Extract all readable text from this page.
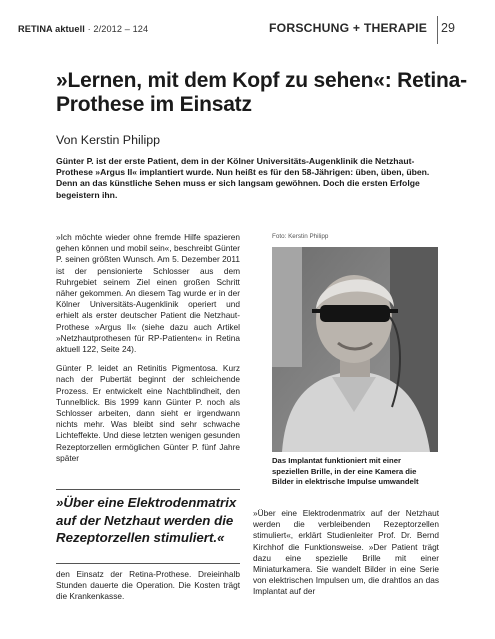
RETINA aktuell · 2/2012 – 124	FORSCHUNG + THERAPIE 29
»Lernen, mit dem Kopf zu sehen«: Retina-Prothese im Einsatz
Von Kerstin Philipp
Günter P. ist der erste Patient, dem in der Kölner Universitäts-Augenklinik die Netzhaut-Prothese »Argus II« implantiert wurde. Nun heißt es für den 58-Jährigen: üben, üben, üben. Denn an das künstliche Sehen muss er sich langsam gewöhnen. Doch die ersten Erfolge begeistern ihn.

»Ich möchte wieder ohne fremde Hilfe spazieren gehen können und mobil sein«, beschreibt Günter P. seinen größten Wunsch. Am 5. Dezember 2011 ist der pensionierte Schlosser aus dem Ruhrgebiet seinem Ziel einen großen Schritt näher gekommen. An diesem Tag wurde er in der Kölner Universitäts-Augenklinik operiert und erhielt als erster deutscher Patient die Netzhaut-Prothese »Argus II« (siehe dazu auch Artikel »Netzhautprothesen für RP-Patienten« in Retina aktuell 122, Seite 24).

Günter P. leidet an Retinitis Pigmentosa. Kurz nach der Pubertät beginnt der schleichende Prozess. Er entwickelt eine Nachtblindheit, den Tunnelblick. Bis 1999 kann Günter P. noch als Schlosser arbeiten, dann sieht er irgendwann nichts mehr. Was bleibt sind sehr schwache Lichteffekte. Und diese letzten wenigen gesunden Rezeptorzellen ermöglichen Günter P. fünf Jahre später

»Über eine Elektrodenmatrix auf der Netzhaut werden die Rezeptorzellen stimuliert.«

den Einsatz der Retina-Prothese. Dreieinhalb Stunden dauerte die Operation. Die Kosten trägt die Krankenkasse.

Foto: Kerstin Philipp
Das Implantat funktioniert mit einer speziellen Brille, in der eine Kamera die Bilder in elektrische Impulse umwandelt

»Über eine Elektrodenmatrix auf der Netzhaut werden die verbleibenden Rezeptorzellen stimuliert«, erklärt Studienleiter Prof. Dr. Bernd Kirchhof die Funktionsweise. »Der Patient trägt dazu eine spezielle Brille mit einer Miniaturkamera. Sie wandelt Bilder in eine Serie von elektrischen Impulsen um, die drahtlos an das Implantat auf der
